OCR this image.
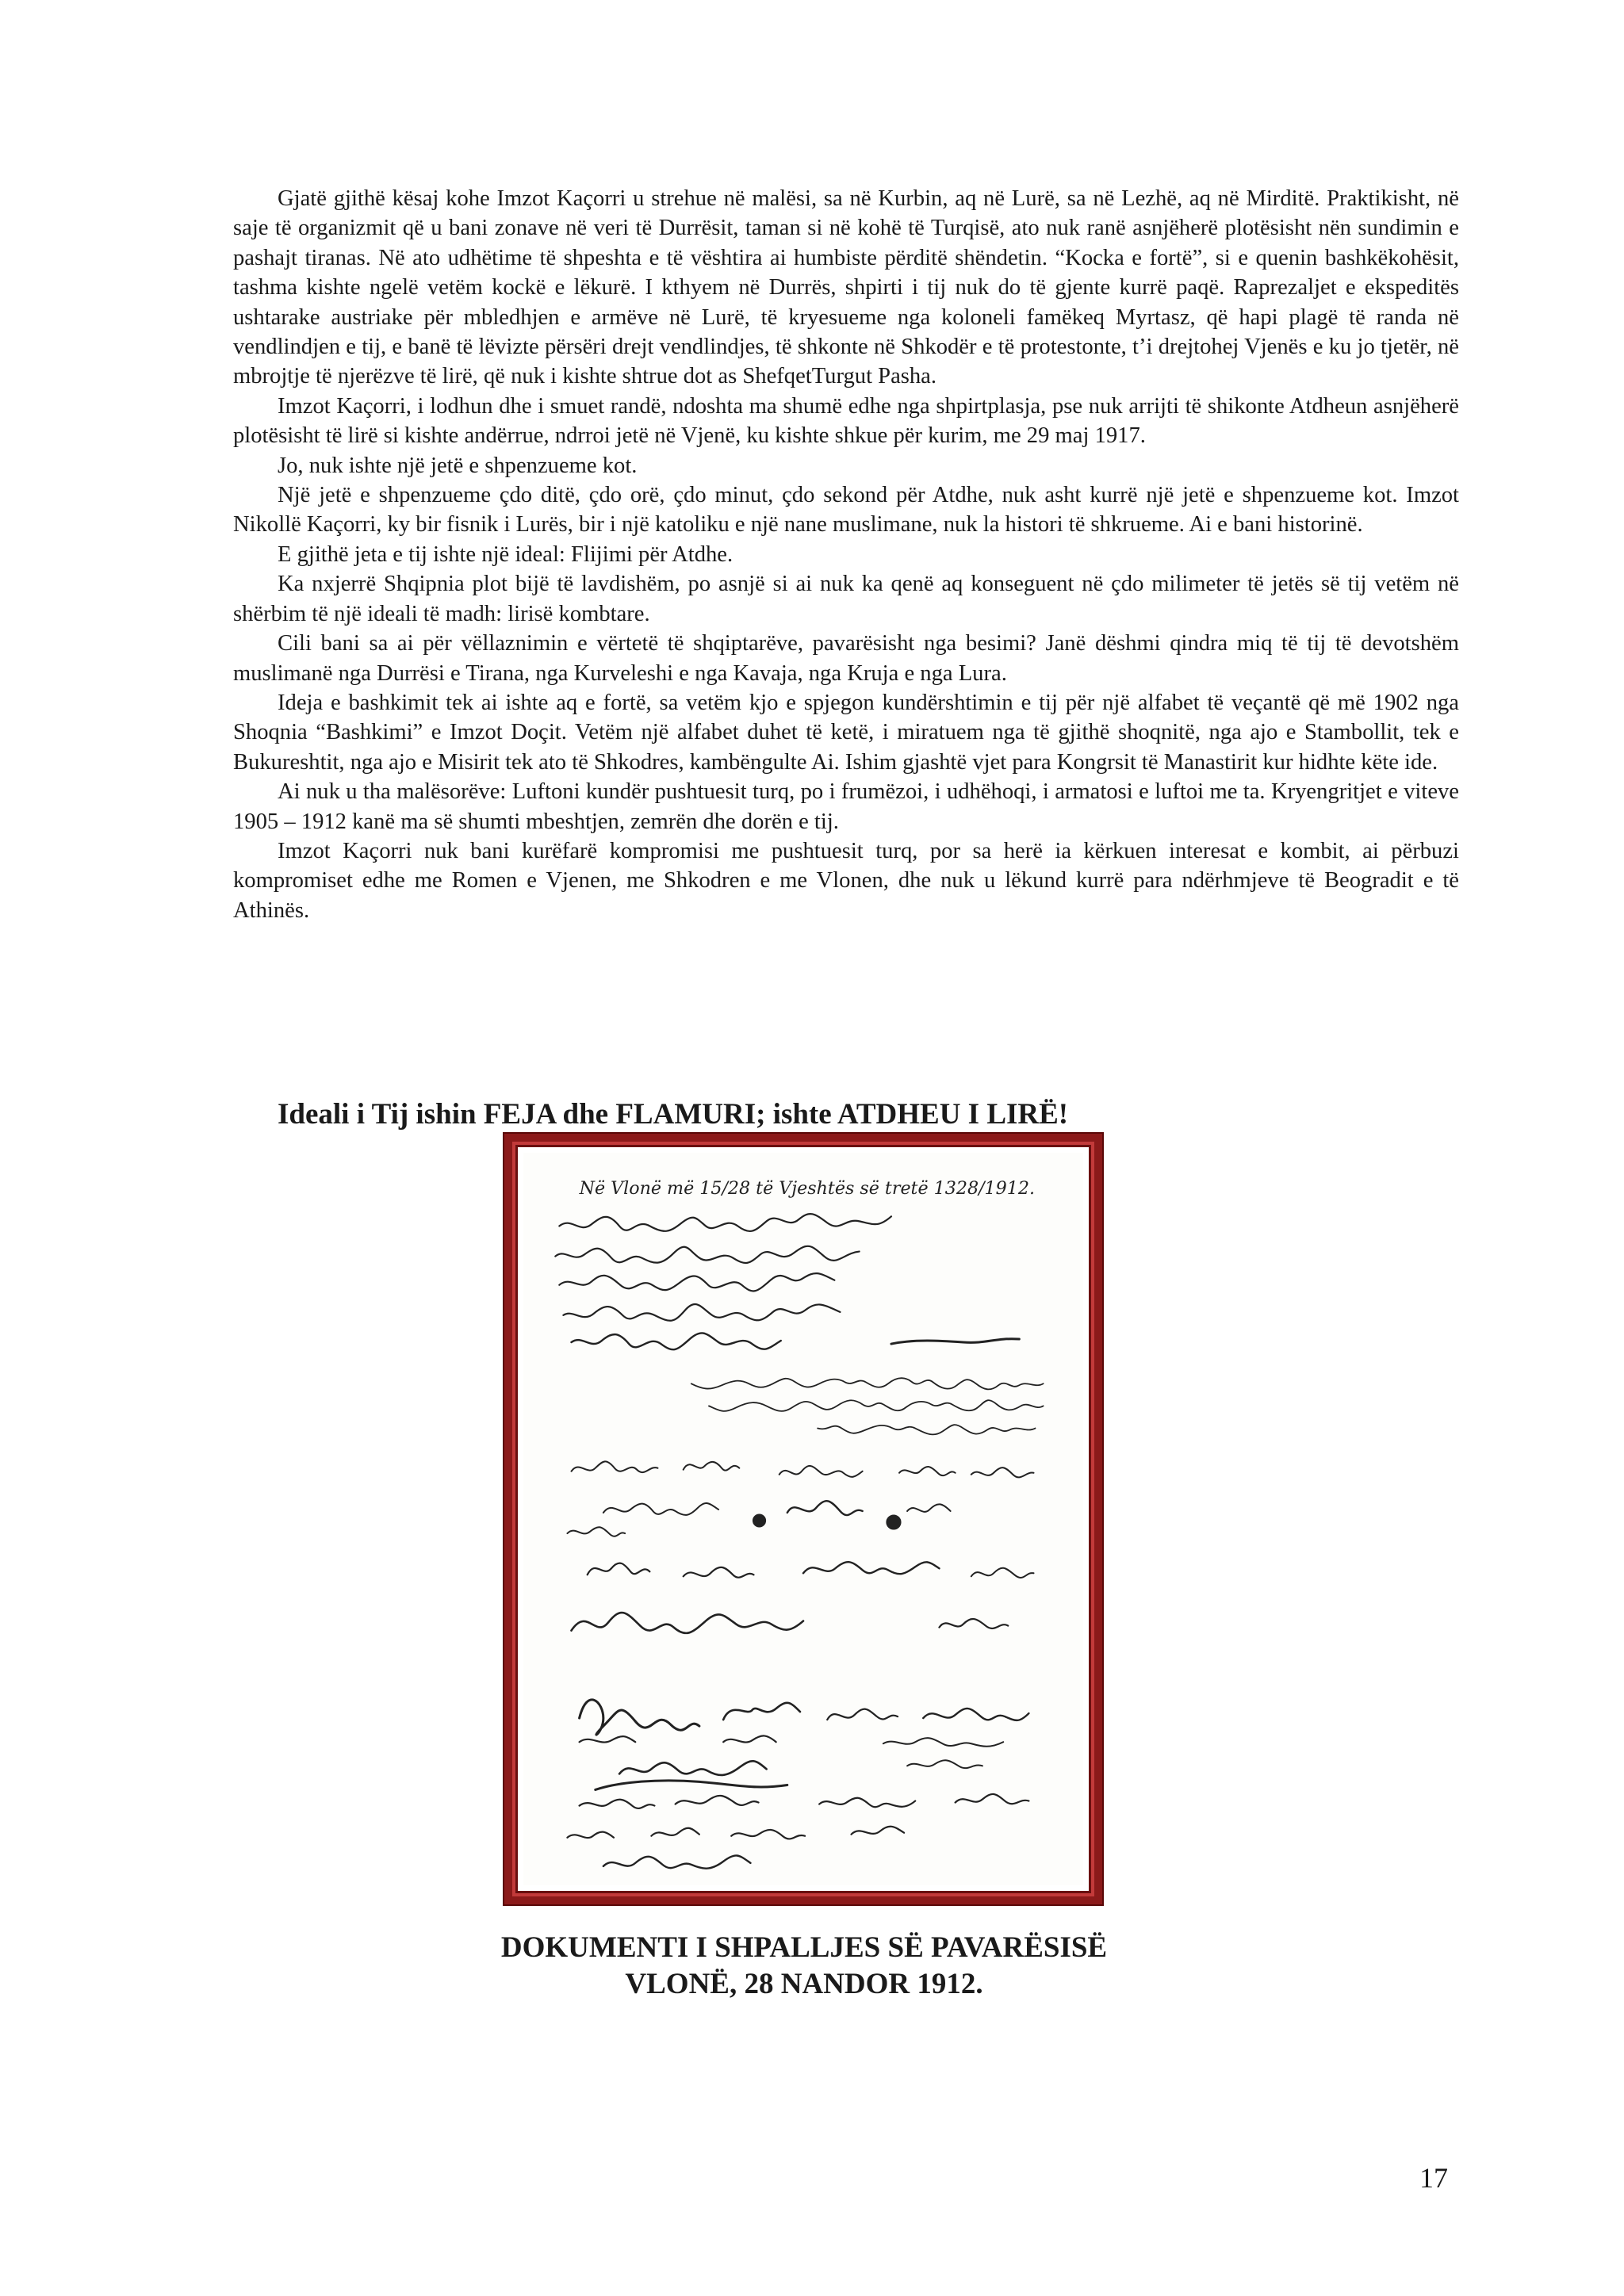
Gjatë gjithë kësaj kohe Imzot Kaçorri u strehue në malësi, sa në Kurbin, aq në Lurë, sa në Lezhë, aq në Mirditë. Praktikisht, në saje të organizmit që u bani zonave në veri të Durrësit, taman si në kohë të Turqisë, ato nuk ranë asnjëherë plotësisht nën sundimin e pashajt tiranas. Në ato udhëtime të shpeshta e të vështira ai humbiste përditë shëndetin. “Kocka e fortë”, si e quenin bashkëkohësit, tashma kishte ngelë vetëm kockë e lëkurë. I kthyem në Durrës, shpirti i tij nuk do të gjente kurrë paqë. Raprezaljet e ekspeditës ushtarake austriake për mbledhjen e armëve në Lurë, të kryesueme nga koloneli famëkeq Myrtasz, që hapi plagë të randa në vendlindjen e tij, e banë të lëvizte përsëri drejt vendlindjes, të shkonte në Shkodër e të protestonte, t’i drejtohej Vjenës e ku jo tjetër, në mbrojtje të njerëzve të lirë, që nuk i kishte shtrue dot as ShefqetTurgut Pasha.

Imzot Kaçorri, i lodhun dhe i smuet randë, ndoshta ma shumë edhe nga shpirtplasja, pse nuk arrijti të shikonte Atdheun asnjëherë plotësisht të lirë si kishte andërrue, ndrroi jetë në Vjenë, ku kishte shkue për kurim, me 29 maj 1917.

Jo, nuk ishte një jetë e shpenzueme kot.

Një jetë e shpenzueme çdo ditë, çdo orë, çdo minut, çdo sekond për Atdhe, nuk asht kurrë një jetë e shpenzueme kot. Imzot Nikollë Kaçorri, ky bir fisnik i Lurës, bir i një katoliku e një nane muslimane, nuk la histori të shkrueme. Ai e bani historinë.

E gjithë jeta e tij ishte një ideal: Flijimi për Atdhe.

Ka nxjerrë Shqipnia plot bijë të lavdishëm, po asnjë si ai nuk ka qenë aq konseguent në çdo milimeter të jetës së tij vetëm në shërbim të një ideali të madh: lirisë kombtare.

Cili bani sa ai për vëllaznimin e vërtetë të shqiptarëve, pavarësisht nga besimi? Janë dëshmi qindra miq të tij të devotshëm muslimanë nga Durrësi e Tirana, nga Kurveleshi e nga Kavaja, nga Kruja e nga Lura.

Ideja e bashkimit tek ai ishte aq e fortë, sa vetëm kjo e spjegon kundërshtimin e tij për një alfabet të veçantë që më 1902 nga Shoqnia “Bashkimi” e Imzot Doçit. Vetëm një alfabet duhet të ketë, i miratuem nga të gjithë shoqnitë, nga ajo e Stambollit, tek e Bukureshtit, nga ajo e Misirit tek ato të Shkodres, kambëngulte Ai. Ishim gjashtë vjet para Kongrsit të Manastirit kur hidhte këte ide.

Ai nuk u tha malësorëve: Luftoni kundër pushtuesit turq, po i frumëzoi, i udhëhoqi, i armatosi e luftoi me ta. Kryengritjet e viteve 1905 – 1912 kanë ma së shumti mbeshtjen, zemrën dhe dorën e tij.

Imzot Kaçorri nuk bani kurëfarë kompromisi me pushtuesit turq, por sa herë ia kërkuen interesat e kombit, ai përbuzi kompromiset edhe me Romen e Vjenen, me Shkodren e me Vlonen, dhe nuk u lëkund kurrë para ndërhmjeve të Beogradit e të Athinës.

Ideali i Tij ishin FEJA dhe FLAMURI; ishte ATDHEU I LIRË!
Në Vlonë më 15/28 të Vjeshtës së tretë 1328/1912.
DOKUMENTI I SHPALLJES SË PAVARËSISË
VLONË, 28 NANDOR 1912.
17
